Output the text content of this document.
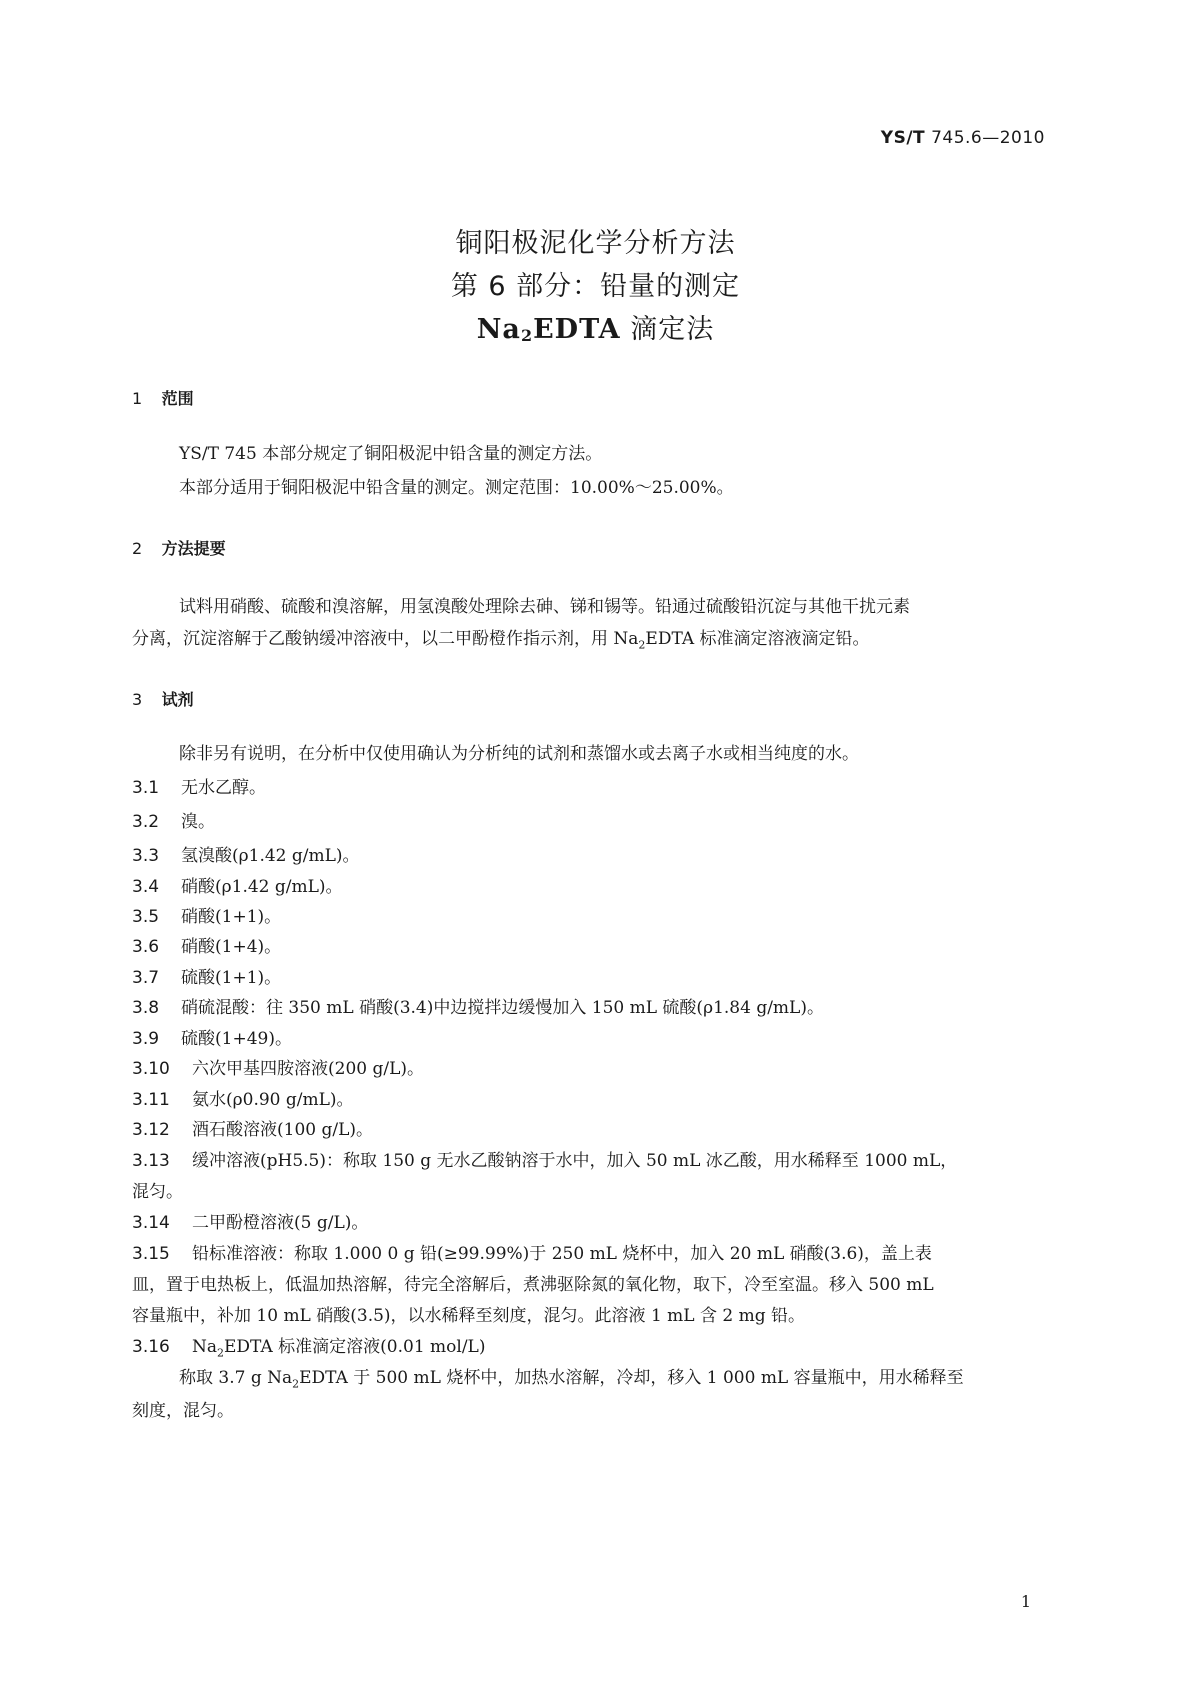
YS/T 745.6—2010
铜阳极泥化学分析方法
第 6 部分：铅量的测定
$Na_2EDTA$ 滴定法
1 范围
YS/T 745 本部分规定了铜阳极泥中铅含量的测定方法。
本部分适用于铜阳极泥中铅含量的测定。测定范围：10.00%～25.00%。
2 方法提要
试料用硝酸、硫酸和溴溶解，用氢溴酸处理除去砷、锑和锡等。铅通过硫酸铅沉淀与其他干扰元素
分离，沉淀溶解于乙酸钠缓冲溶液中，以二甲酚橙作指示剂，用 $Na_2EDTA$ 标准滴定溶液滴定铅。
3 试剂
除非另有说明，在分析中仅使用确认为分析纯的试剂和蒸馏水或去离子水或相当纯度的水。
3.1 无水乙醇。
3.2 溴。
3.3 氢溴酸(ρ1.42 g/mL)。
3.4 硝酸(ρ1.42 g/mL)。
3.5 硝酸(1+1)。
3.6 硝酸(1+4)。
3.7 硫酸(1+1)。
3.8 硝硫混酸：往 350 mL 硝酸(3.4)中边搅拌边缓慢加入 150 mL 硫酸(ρ1.84 g/mL)。
3.9 硫酸(1+49)。
3.10 六次甲基四胺溶液(200 g/L)。
3.11 氨水(ρ0.90 g/mL)。
3.12 酒石酸溶液(100 g/L)。
3.13 缓冲溶液(pH5.5)：称取 150 g 无水乙酸钠溶于水中，加入 50 mL 冰乙酸，用水稀释至 1000 mL，
混匀。
3.14 二甲酚橙溶液(5 g/L)。
3.15 铅标准溶液：称取 1.000 0 g 铅(≥99.99%)于 250 mL 烧杯中，加入 20 mL 硝酸(3.6)，盖上表
皿，置于电热板上，低温加热溶解，待完全溶解后，煮沸驱除氮的氧化物，取下，冷至室温。移入 500 mL
容量瓶中，补加 10 mL 硝酸(3.5)，以水稀释至刻度，混匀。此溶液 1 mL 含 2 mg 铅。
3.16 $Na_2EDTA$ 标准滴定溶液(0.01 mol/L)
称取 3.7 g $Na_2EDTA$ 于 500 mL 烧杯中，加热水溶解，冷却，移入 1 000 mL 容量瓶中，用水稀释至
刻度，混匀。
1
